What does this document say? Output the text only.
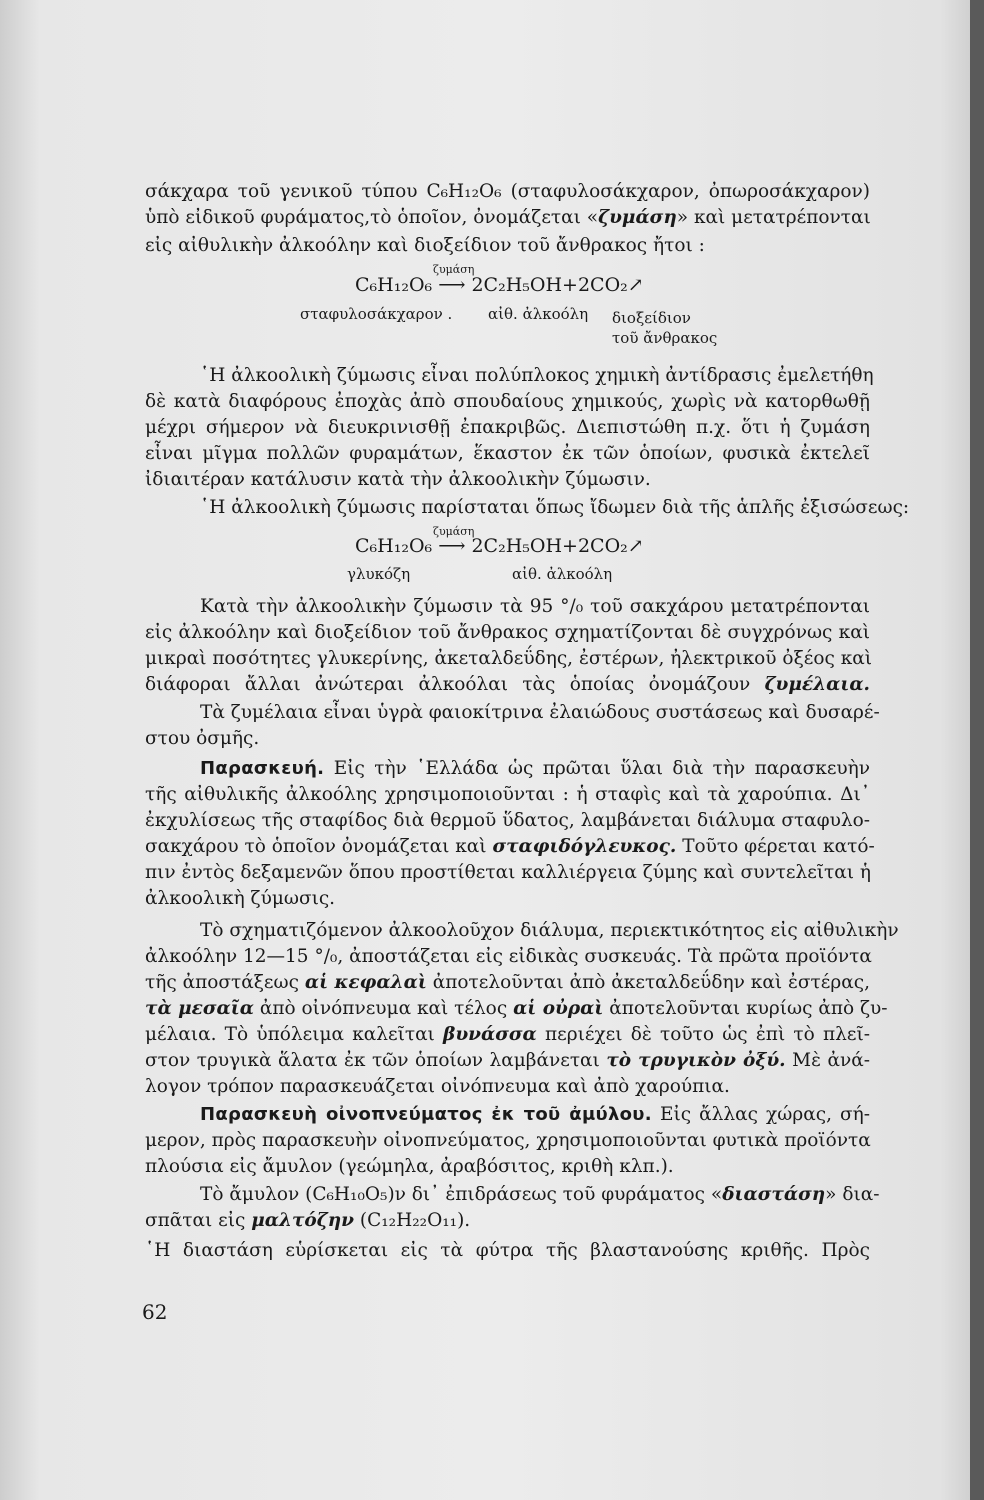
σάκχαρα τοῦ γενικοῦ τύπου C₆H₁₂O₆ (σταφυλοσάκχαρον, ὀπωροσάκχαρον)
ὑπὸ εἰδικοῦ φυράματος,τὸ ὁποῖον, ὀνομάζεται «ζυμάση» καὶ μετατρέπονται
εἰς αἰθυλικὴν ἀλκοόλην καὶ διοξείδιον τοῦ ἄνθρακος ἤτοι :
ζυμάση
C₆H₁₂O₆ ⟶ 2C₂H₅OH+2CO₂↗
σταφυλοσάκχαρον . αἰθ. ἀλκοόλη διοξείδιον
τοῦ ἄνθρακος
῾Η ἀλκοολικὴ ζύμωσις εἶναι πολύπλοκος χημικὴ ἀντίδρασις ἐμελετήθη
δὲ κατὰ διαφόρους ἐποχὰς ἀπὸ σπουδαίους χημικούς, χωρὶς νὰ κατορθωθῇ
μέχρι σήμερον νὰ διευκρινισθῇ ἐπακριβῶς. Διεπιστώθη π.χ. ὅτι ἡ ζυμάση
εἶναι μῖγμα πολλῶν φυραμάτων, ἕκαστον ἐκ τῶν ὁποίων, φυσικὰ ἐκτελεῖ
ἰδιαιτέραν κατάλυσιν κατὰ τὴν ἀλκοολικὴν ζύμωσιν.
῾Η ἀλκοολικὴ ζύμωσις παρίσταται ὅπως ἴδωμεν διὰ τῆς ἁπλῆς ἐξισώσεως:
ζυμάση
C₆H₁₂O₆ ⟶ 2C₂H₅OH+2CO₂↗
γλυκόζη	αἰθ. ἀλκοόλη
Κατὰ τὴν ἀλκοολικὴν ζύμωσιν τὰ 95 °/₀ τοῦ σακχάρου μετατρέπονται
εἰς ἀλκοόλην καὶ διοξείδιον τοῦ ἄνθρακος σχηματίζονται δὲ συγχρόνως καὶ
μικραὶ ποσότητες γλυκερίνης, ἀκεταλδεΰδης, ἐστέρων, ἠλεκτρικοῦ ὀξέος καὶ
διάφοραι ἄλλαι ἀνώτεραι ἀλκοόλαι τὰς ὁποίας ὀνομάζουν ζυμέλαια.
Τὰ ζυμέλαια εἶναι ὑγρὰ φαιοκίτρινα ἐλαιώδους συστάσεως καὶ δυσαρέ-
στου ὀσμῆς.
Παρασκευή. Εἰς τὴν ῾Ελλάδα ὡς πρῶται ὕλαι διὰ τὴν παρασκευὴν
τῆς αἰθυλικῆς ἀλκοόλης χρησιμοποιοῦνται : ἡ σταφὶς καὶ τὰ χαρούπια. Δι᾿
ἐκχυλίσεως τῆς σταφίδος διὰ θερμοῦ ὕδατος, λαμβάνεται διάλυμα σταφυλο-
σακχάρου τὸ ὁποῖον ὀνομάζεται καὶ σταφιδόγλευκος. Τοῦτο φέρεται κατό-
πιν ἐντὸς δεξαμενῶν ὅπου προστίθεται καλλιέργεια ζύμης καὶ συντελεῖται ἡ
ἀλκοολικὴ ζύμωσις.
Τὸ σχηματιζόμενον ἀλκοολοῦχον διάλυμα, περιεκτικότητος εἰς αἰθυλικὴν
ἀλκοόλην 12—15 °/₀, ἀποστάζεται εἰς εἰδικὰς συσκευάς. Τὰ πρῶτα προϊόντα
τῆς ἀποστάξεως αἱ κεφαλαὶ ἀποτελοῦνται ἀπὸ ἀκεταλδεΰδην καὶ ἐστέρας,
τὰ μεσαῖα ἀπὸ οἰνόπνευμα καὶ τέλος αἱ οὐραὶ ἀποτελοῦνται κυρίως ἀπὸ ζυ-
μέλαια. Τὸ ὑπόλειμα καλεῖται βυνάσσα περιέχει δὲ τοῦτο ὡς ἐπὶ τὸ πλεῖ-
στον τρυγικὰ ἅλατα ἐκ τῶν ὁποίων λαμβάνεται τὸ τρυγικὸν ὀξύ. Μὲ ἀνά-
λογον τρόπον παρασκευάζεται οἰνόπνευμα καὶ ἀπὸ χαρούπια.
Παρασκευὴ οἰνοπνεύματος ἐκ τοῦ ἀμύλου. Εἰς ἄλλας χώρας, σή-
μερον, πρὸς παρασκευὴν οἰνοπνεύματος, χρησιμοποιοῦνται φυτικὰ προϊόντα
πλούσια εἰς ἄμυλον (γεώμηλα, ἀραβόσιτος, κριθὴ κλπ.).
Τὸ ἄμυλον (C₆H₁₀O₅)ν δι᾿ ἐπιδράσεως τοῦ φυράματος «διαστάση» δια-
σπᾶται εἰς μαλτόζην (C₁₂H₂₂O₁₁).
῾Η διαστάση εὑρίσκεται εἰς τὰ φύτρα τῆς βλαστανούσης κριθῆς. Πρὸς
62
